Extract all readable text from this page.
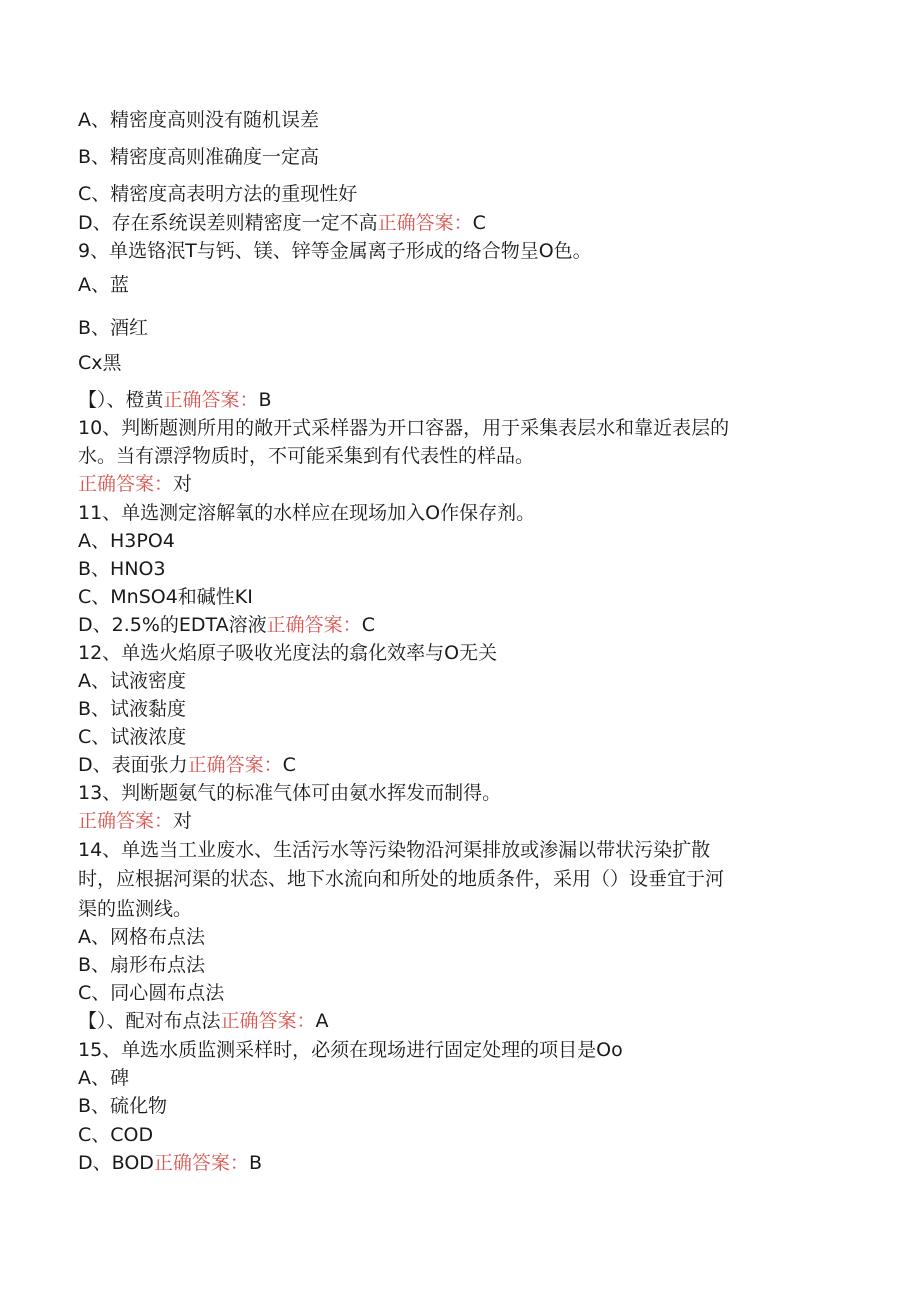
A、精密度高则没有随机误差
B、精密度高则准确度一定高
C、精密度高表明方法的重现性好
D、存在系统误差则精密度一定不高正确答案：C
9、单选铬泯T与钙、镁、锌等金属离子形成的络合物呈O色。
A、蓝
B、酒红
Cx黑
【）、橙黄正确答案：B
10、判断题测所用的敞开式采样器为开口容器，用于采集表层水和靠近表层的
水。当有漂浮物质时，不可能采集到有代表性的样品。
正确答案：对
11、单选测定溶解氧的水样应在现场加入O作保存剂。
A、H3PO4
B、HNO3
C、MnSO4和碱性KI
D、2.5%的EDTA溶液正确答案：C
12、单选火焰原子吸收光度法的翕化效率与O无关
A、试液密度
B、试液黏度
C、试液浓度
D、表面张力正确答案：C
13、判断题氨气的标准气体可由氨水挥发而制得。
正确答案：对
14、单选当工业废水、生活污水等污染物沿河渠排放或渗漏以带状污染扩散
时，应根据河渠的状态、地下水流向和所处的地质条件，采用（）设垂宜于河
渠的监测线。
A、网格布点法
B、扇形布点法
C、同心圆布点法
【）、配对布点法正确答案：A
15、单选水质监测采样时，必须在现场进行固定处理的项目是Oo
A、碑
B、硫化物
C、COD
D、BOD正确答案：B
